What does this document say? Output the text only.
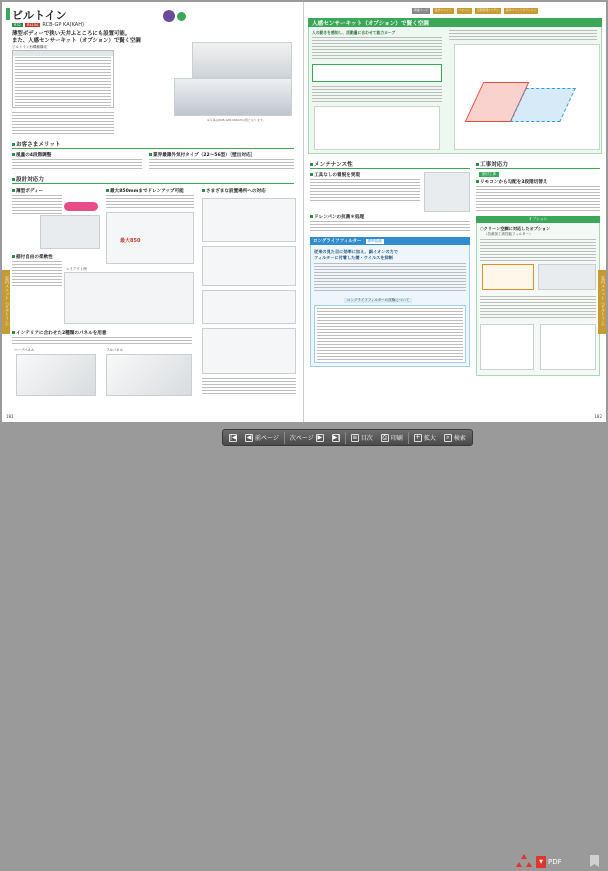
ビルトイン
R32	R410A RCB-GP KA(KAH)
薄型ボディーで狭い天井ふところにも設置可能。
また、人感センサーキット（オプション）で賢く空調
ビルトイン形機種構成
※写真はRCB-GP140KAHの例となります。
お客さまメリット
風量の4段階調整	業界最薄外気付タイプ（22〜56型）［壁出対応］
設計対応力
薄型ボディー	最大850mmまでドレンアップ可能
最大850
さまざまな設置場所への対応
据付自由の柔軟性
レイアウト例
インテリアに合わせた2種類のパネルを用意
ハーブパネル	フルパネル
181
関連ページ	室外ユニット	リモコン	空調管理システム	室外ユニットオプション
人感センサーキット（オプション）で賢く空調
人の動きを感知し、活動量に合わせて能力カーブ
メンテナンス性
工具なしの着脱を実現
ドレンパンの抗菌＊処理
ロングライフフィルター	標準装備
従来の見た目に効率に加え、細イオンの力で
フィルターに付着した菌・ウイルスを抑制
ロングライフフィルターの試験について
工事対応力
据付工事
リモコンから勾配を3段階切替え
オプション
○クリーン空調に対応したオプション
（抗菌加工高性能フィルター）
182
室内ユニット（ビルトイン）	室内ユニット（ビルトイン）
|◀ ◀ 前ページ 次ページ ▶ ▶| ≡ 目次 ⎙ 印刷 + 拡大	⌕ 検索
▼ PDF
